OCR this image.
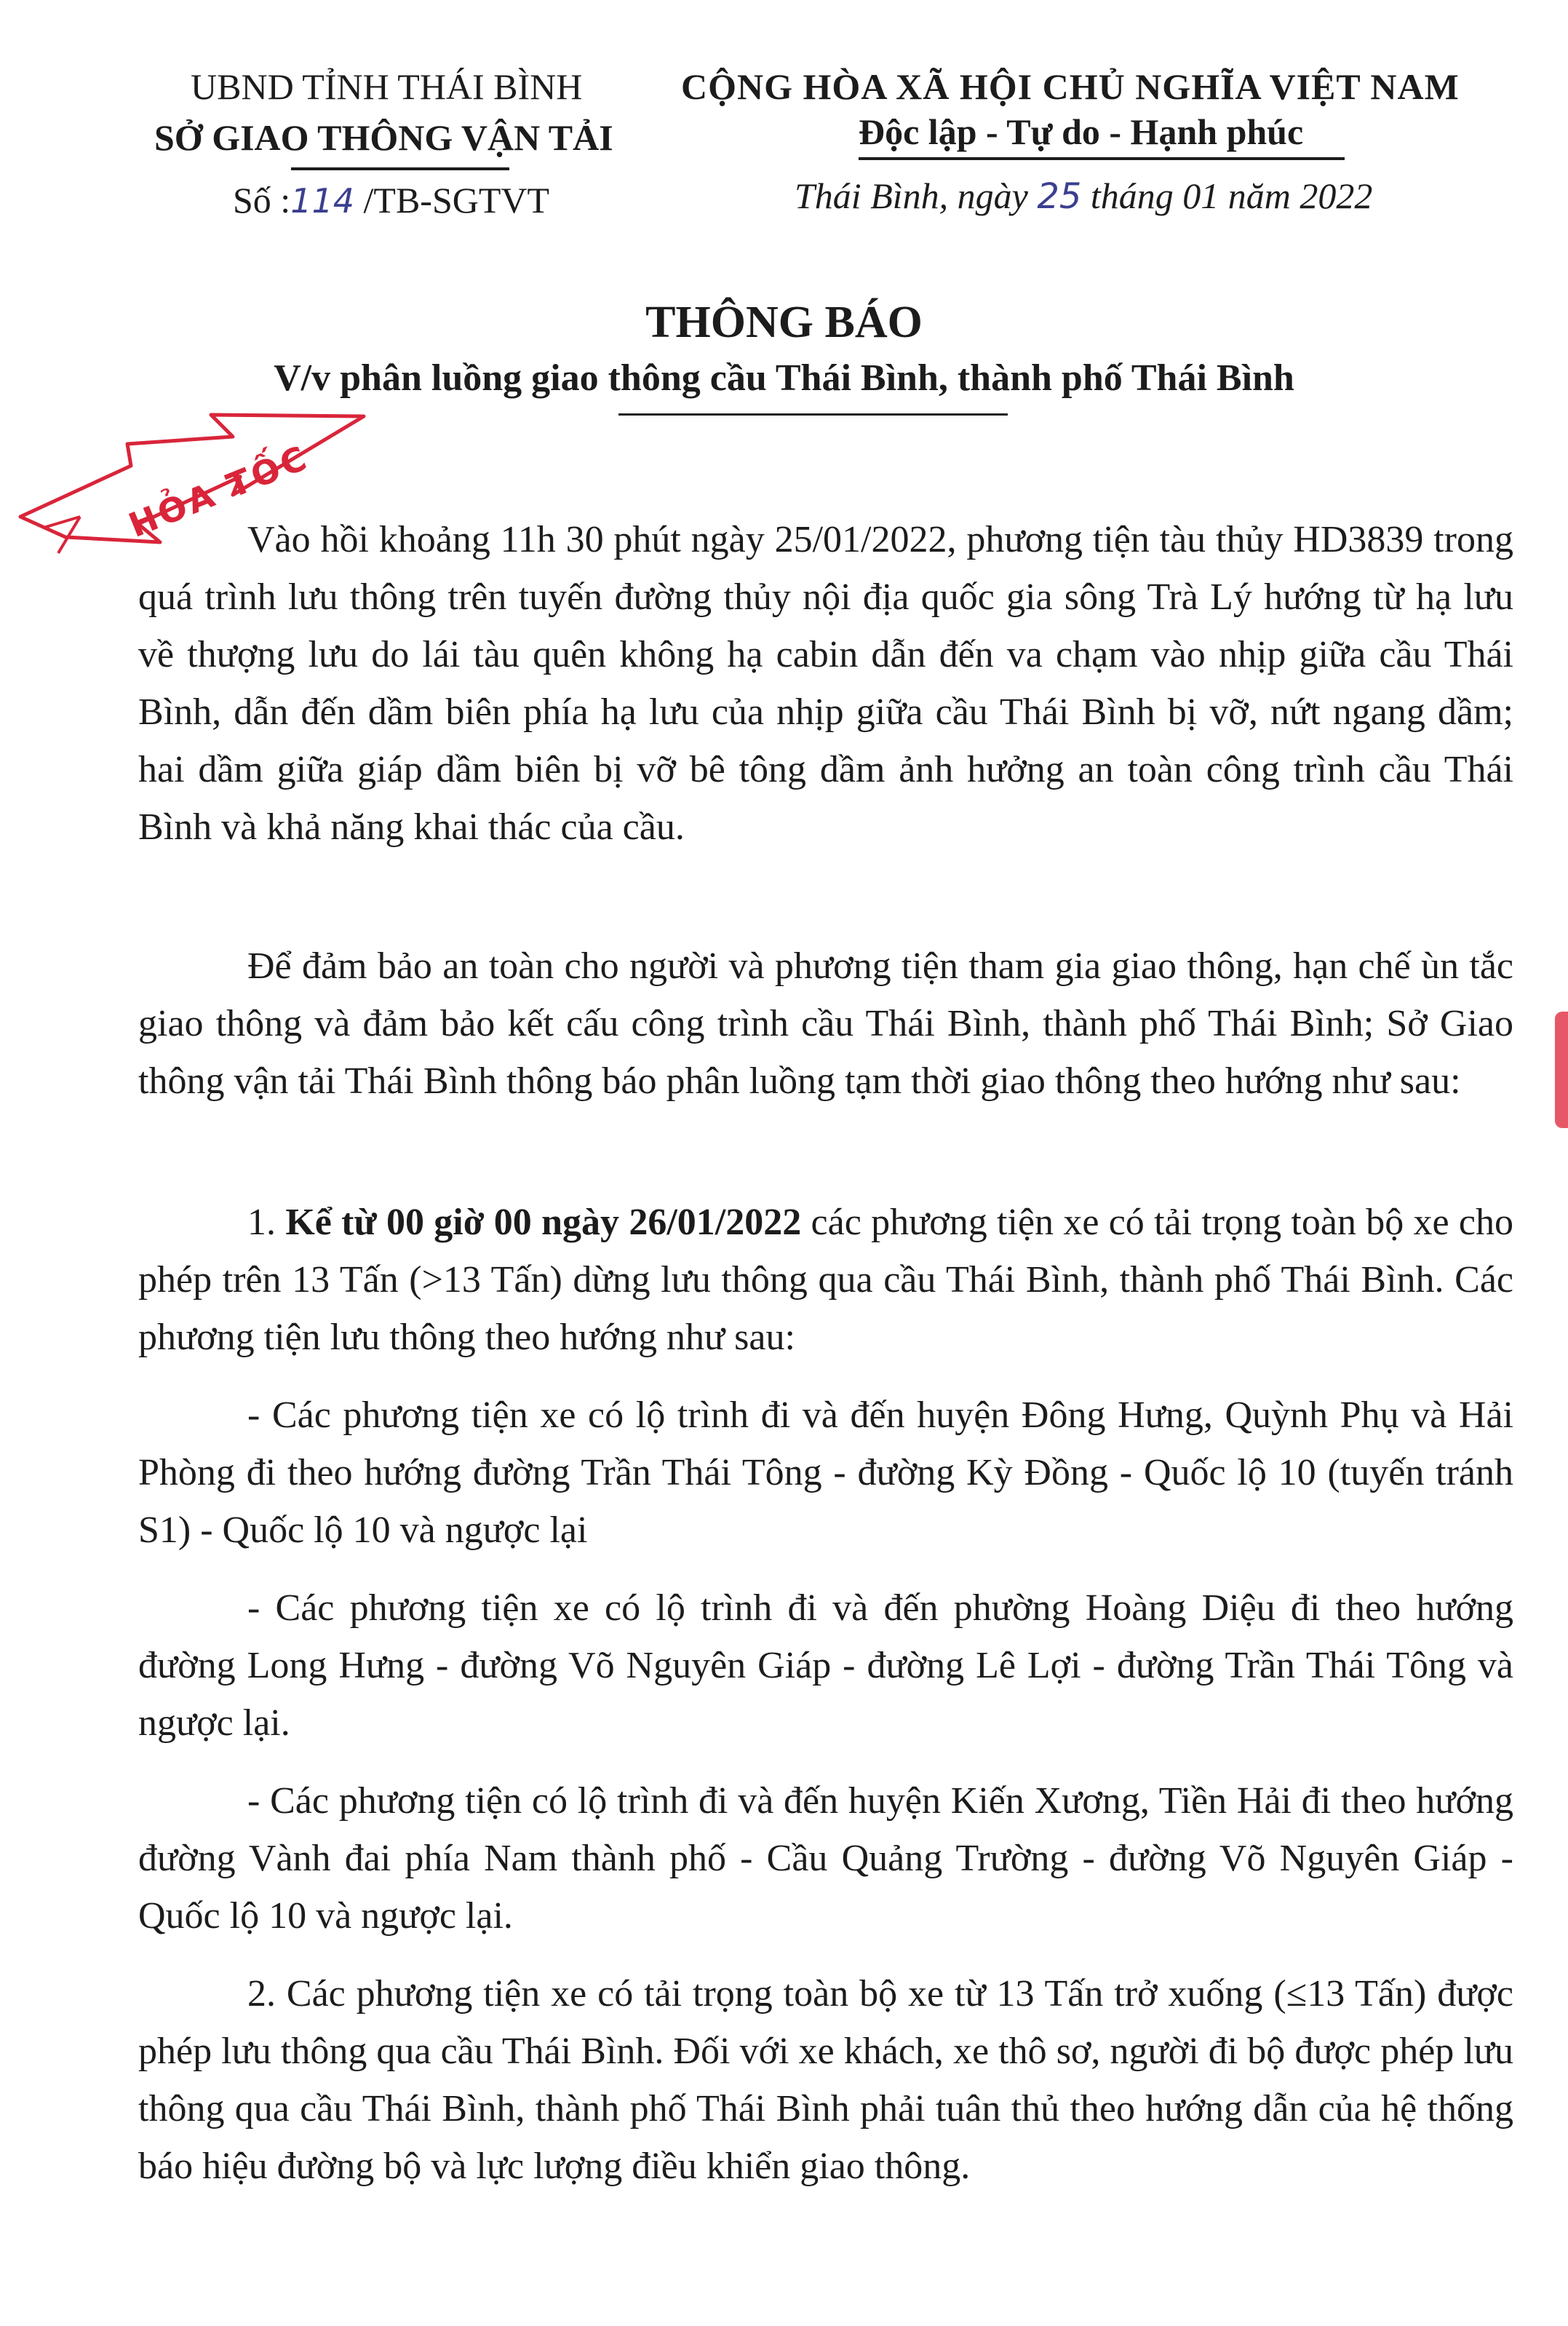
UBND TỈNH THÁI BÌNH
SỞ GIAO THÔNG VẬN TẢI
Số :114 /TB-SGTVT
CỘNG HÒA XÃ HỘI CHỦ NGHĨA VIỆT NAM
Độc lập - Tự do - Hạnh phúc
Thái Bình, ngày 25 tháng 01 năm 2022
THÔNG BÁO
V/v phân luồng giao thông cầu Thái Bình, thành phố Thái Bình
HỎA TỐC
Vào hồi khoảng 11h 30 phút ngày 25/01/2022, phương tiện tàu thủy HD3839 trong quá trình lưu thông trên tuyến đường thủy nội địa quốc gia sông Trà Lý hướng từ hạ lưu về thượng lưu do lái tàu quên không hạ cabin dẫn đến va chạm vào nhịp giữa cầu Thái Bình, dẫn đến dầm biên phía hạ lưu của nhịp giữa cầu Thái Bình bị vỡ, nứt ngang dầm; hai dầm giữa giáp dầm biên bị vỡ bê tông dầm ảnh hưởng an toàn công trình cầu Thái Bình và khả năng khai thác của cầu.
Để đảm bảo an toàn cho người và phương tiện tham gia giao thông, hạn chế ùn tắc giao thông và đảm bảo kết cấu công trình cầu Thái Bình, thành phố Thái Bình; Sở Giao thông vận tải Thái Bình thông báo phân luồng tạm thời giao thông theo hướng như sau:
1. Kể từ 00 giờ 00 ngày 26/01/2022 các phương tiện xe có tải trọng toàn bộ xe cho phép trên 13 Tấn (>13 Tấn) dừng lưu thông qua cầu Thái Bình, thành phố Thái Bình. Các phương tiện lưu thông theo hướng như sau:
- Các phương tiện xe có lộ trình đi và đến huyện Đông Hưng, Quỳnh Phụ và Hải Phòng đi theo hướng đường Trần Thái Tông - đường Kỳ Đồng - Quốc lộ 10 (tuyến tránh S1) - Quốc lộ 10 và ngược lại
- Các phương tiện xe có lộ trình đi và đến phường Hoàng Diệu đi theo hướng đường Long Hưng - đường Võ Nguyên Giáp - đường Lê Lợi - đường Trần Thái Tông và ngược lại.
- Các phương tiện có lộ trình đi và đến huyện Kiến Xương, Tiền Hải đi theo hướng đường Vành đai phía Nam thành phố - Cầu Quảng Trường - đường Võ Nguyên Giáp - Quốc lộ 10 và ngược lại.
2. Các phương tiện xe có tải trọng toàn bộ xe từ 13 Tấn trở xuống (≤13 Tấn) được phép lưu thông qua cầu Thái Bình. Đối với xe khách, xe thô sơ, người đi bộ được phép lưu thông qua cầu Thái Bình, thành phố Thái Bình phải tuân thủ theo hướng dẫn của hệ thống báo hiệu đường bộ và lực lượng điều khiển giao thông.
